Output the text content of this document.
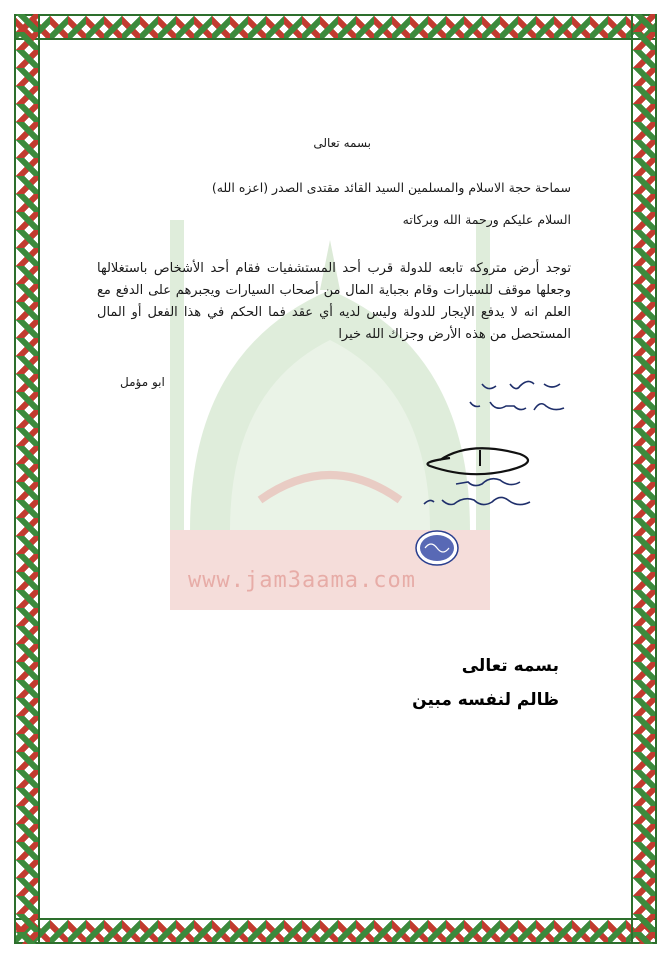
www.jam3aama.com
بسمه تعالى
سماحة حجة الاسلام والمسلمين السيد القائد مقتدى الصدر (اعزه الله)
السلام عليكم ورحمة الله وبركاته
توجد أرض متروكه تابعه للدولة قرب أحد المستشفيات فقام أحد الأشخاص باستغلالها وجعلها موقف للسيارات وقام بجباية المال من أصحاب السيارات ويجبرهم على الدفع مع العلم انه لا يدفع الإيجار للدولة وليس لديه أي عقد فما الحكم في هذا الفعل أو المال المستحصل من هذه الأرض وجزاك الله خيرا
ابو مؤمل
بسمه تعالى
ظالم لنفسه مبين
